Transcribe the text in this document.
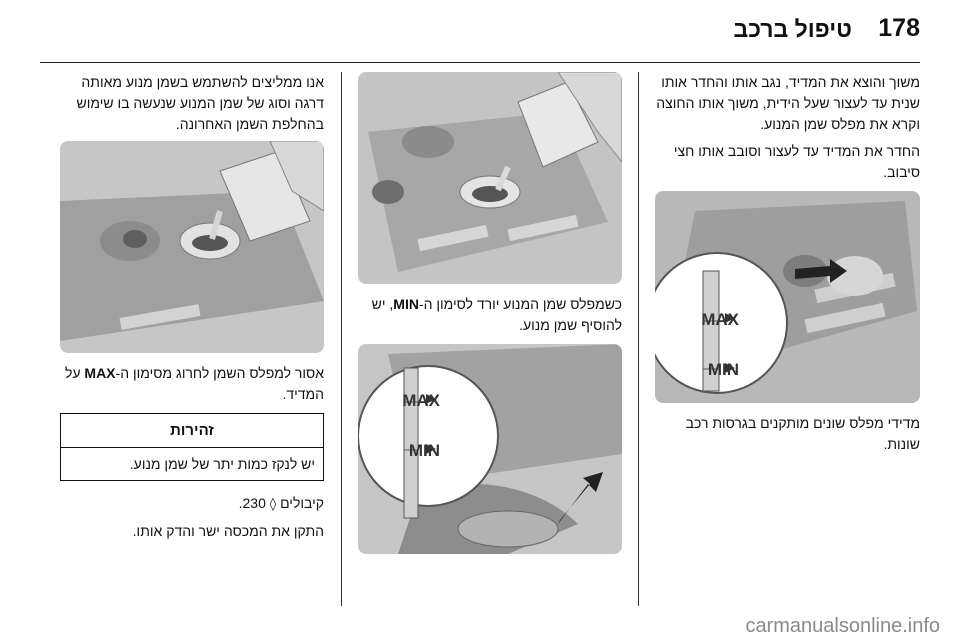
178
טיפול ברכב

משוך והוצא את המדיד, נגב אותו והחדר אותו שנית עד לעצור שעל הידית, משוך אותו החוצה וקרא את מפלס שמן המנוע.

החדר את המדיד עד לעצור וסובב אותו חצי סיבוב.

MAX
MIN

מדידי מפלס שונים מותקנים בגרסות רכב שונות.

כשמפלס שמן המנוע יורד לסימון ה-MIN, יש להוסיף שמן מנוע.

MAX
MIN

אנו ממליצים להשתמש בשמן מנוע מאותה דרגה וסוג של שמן המנוע שנעשה בו שימוש בהחלפת השמן האחרונה.

אסור למפלס השמן לחרוג מסימון ה-MAX על המדיד.

זהירות
יש לנקז כמות יתר של שמן מנוע.

קיבולים ◊ 230.

התקן את המכסה ישר והדק אותו.

carmanualsonline.info
